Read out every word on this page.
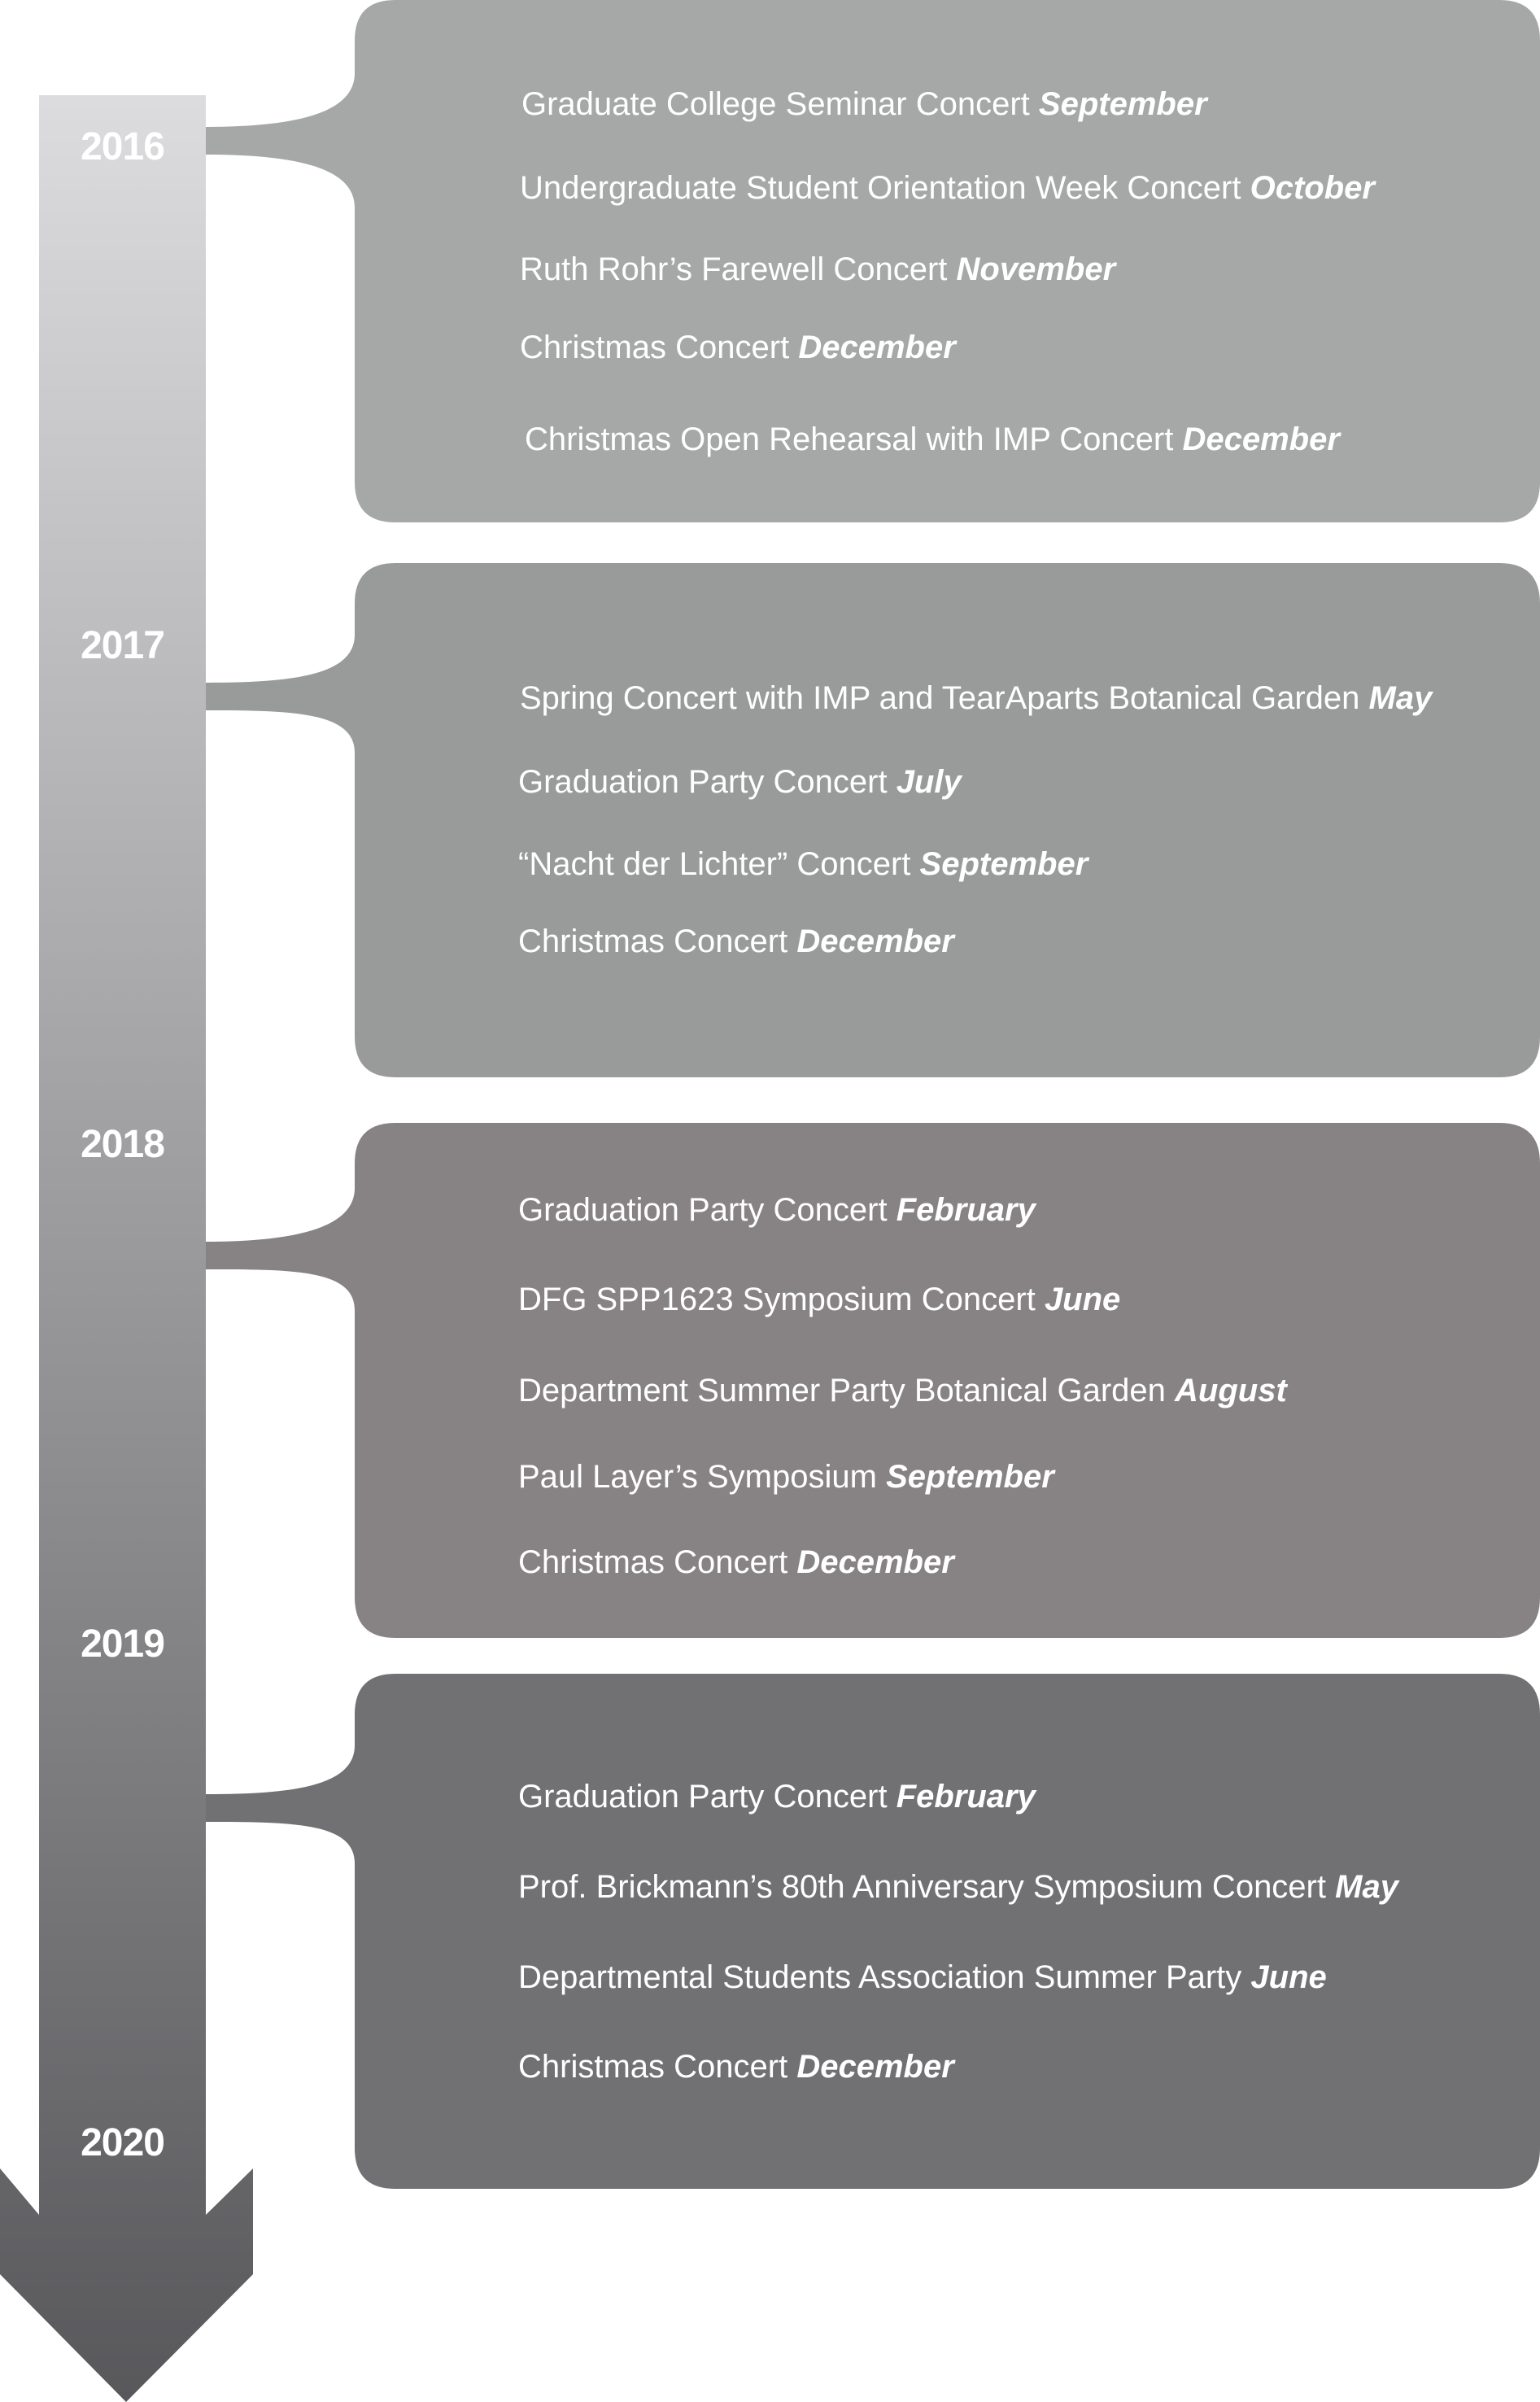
2016
2017
2018
2019
2020
Graduate College Seminar Concert September
Undergraduate Student Orientation Week Concert October
Ruth Rohr’s Farewell Concert November
Christmas Concert December
Christmas Open Rehearsal with IMP Concert December
Spring Concert with IMP and TearAparts Botanical Garden May
Graduation Party Concert July
“Nacht der Lichter” Concert September
Christmas Concert December
Graduation Party Concert February
DFG SPP1623 Symposium Concert June
Department Summer Party Botanical Garden August
Paul Layer’s Symposium September
Christmas Concert December
Graduation Party Concert February
Prof. Brickmann’s 80th Anniversary Symposium Concert May
Departmental Students Association Summer Party June
Christmas Concert December
